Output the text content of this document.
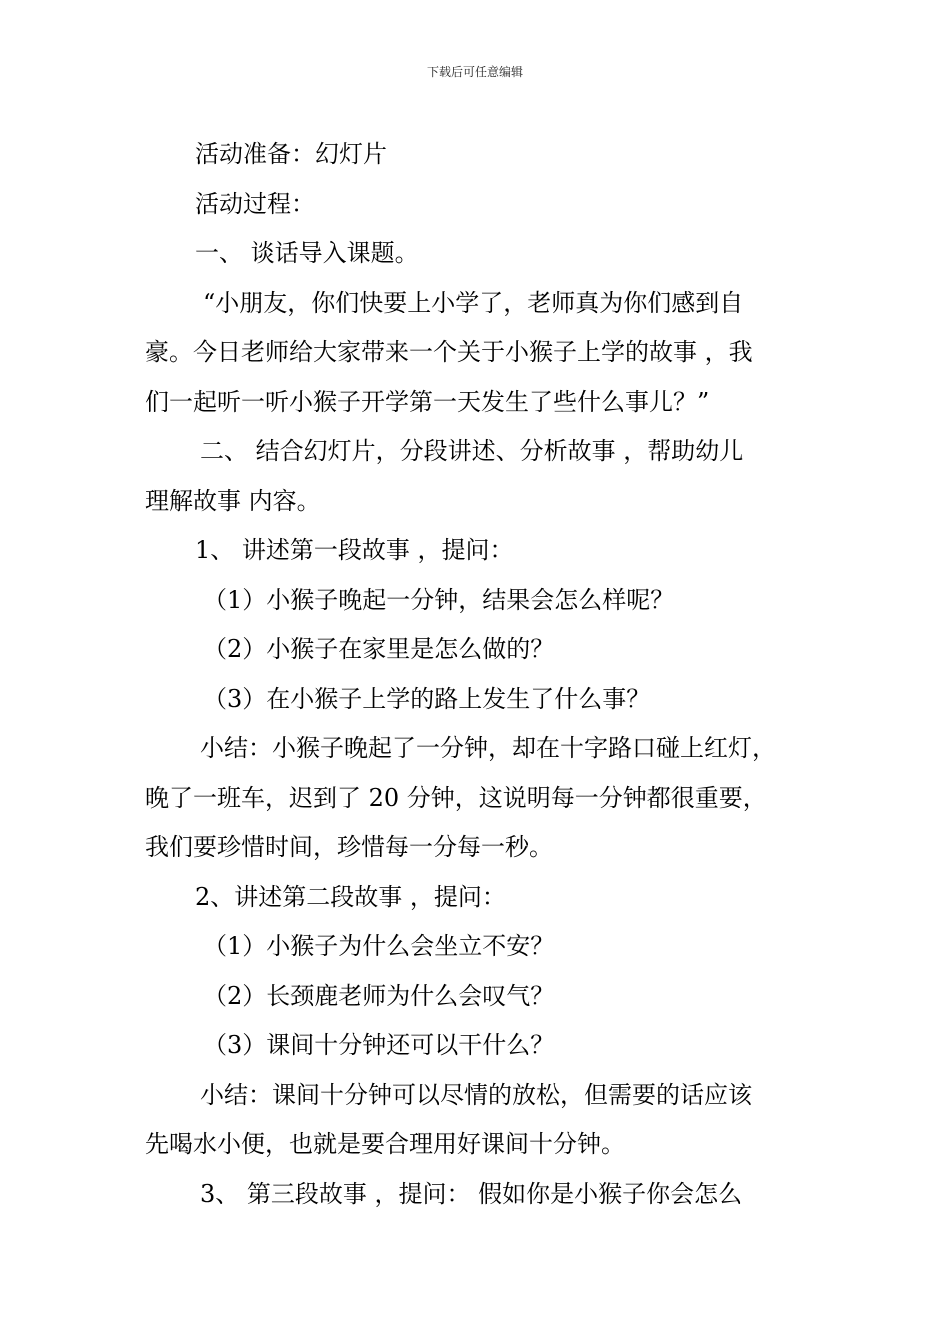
下载后可任意编辑
活动准备：幻灯片
活动过程：
一、 谈话导入课题。
“小朋友，你们快要上小学了，老师真为你们感到自
豪。今日老师给大家带来一个关于小猴子上学的故事 ，我
们一起听一听小猴子开学第一天发生了些什么事儿？”
二、 结合幻灯片，分段讲述、分析故事 ，帮助幼儿
理解故事 内容。
1、 讲述第一段故事 ，提问：
（1）小猴子晚起一分钟，结果会怎么样呢？
（2）小猴子在家里是怎么做的？
（3）在小猴子上学的路上发生了什么事？
小结：小猴子晚起了一分钟，却在十字路口碰上红灯，
晚了一班车，迟到了 20 分钟，这说明每一分钟都很重要，
我们要珍惜时间，珍惜每一分每一秒。
2、讲述第二段故事 ，提问：
（1）小猴子为什么会坐立不安？
（2）长颈鹿老师为什么会叹气？
（3）课间十分钟还可以干什么？
小结：课间十分钟可以尽情的放松，但需要的话应该
先喝水小便，也就是要合理用好课间十分钟。
3、 第三段故事 ，提问： 假如你是小猴子你会怎么
